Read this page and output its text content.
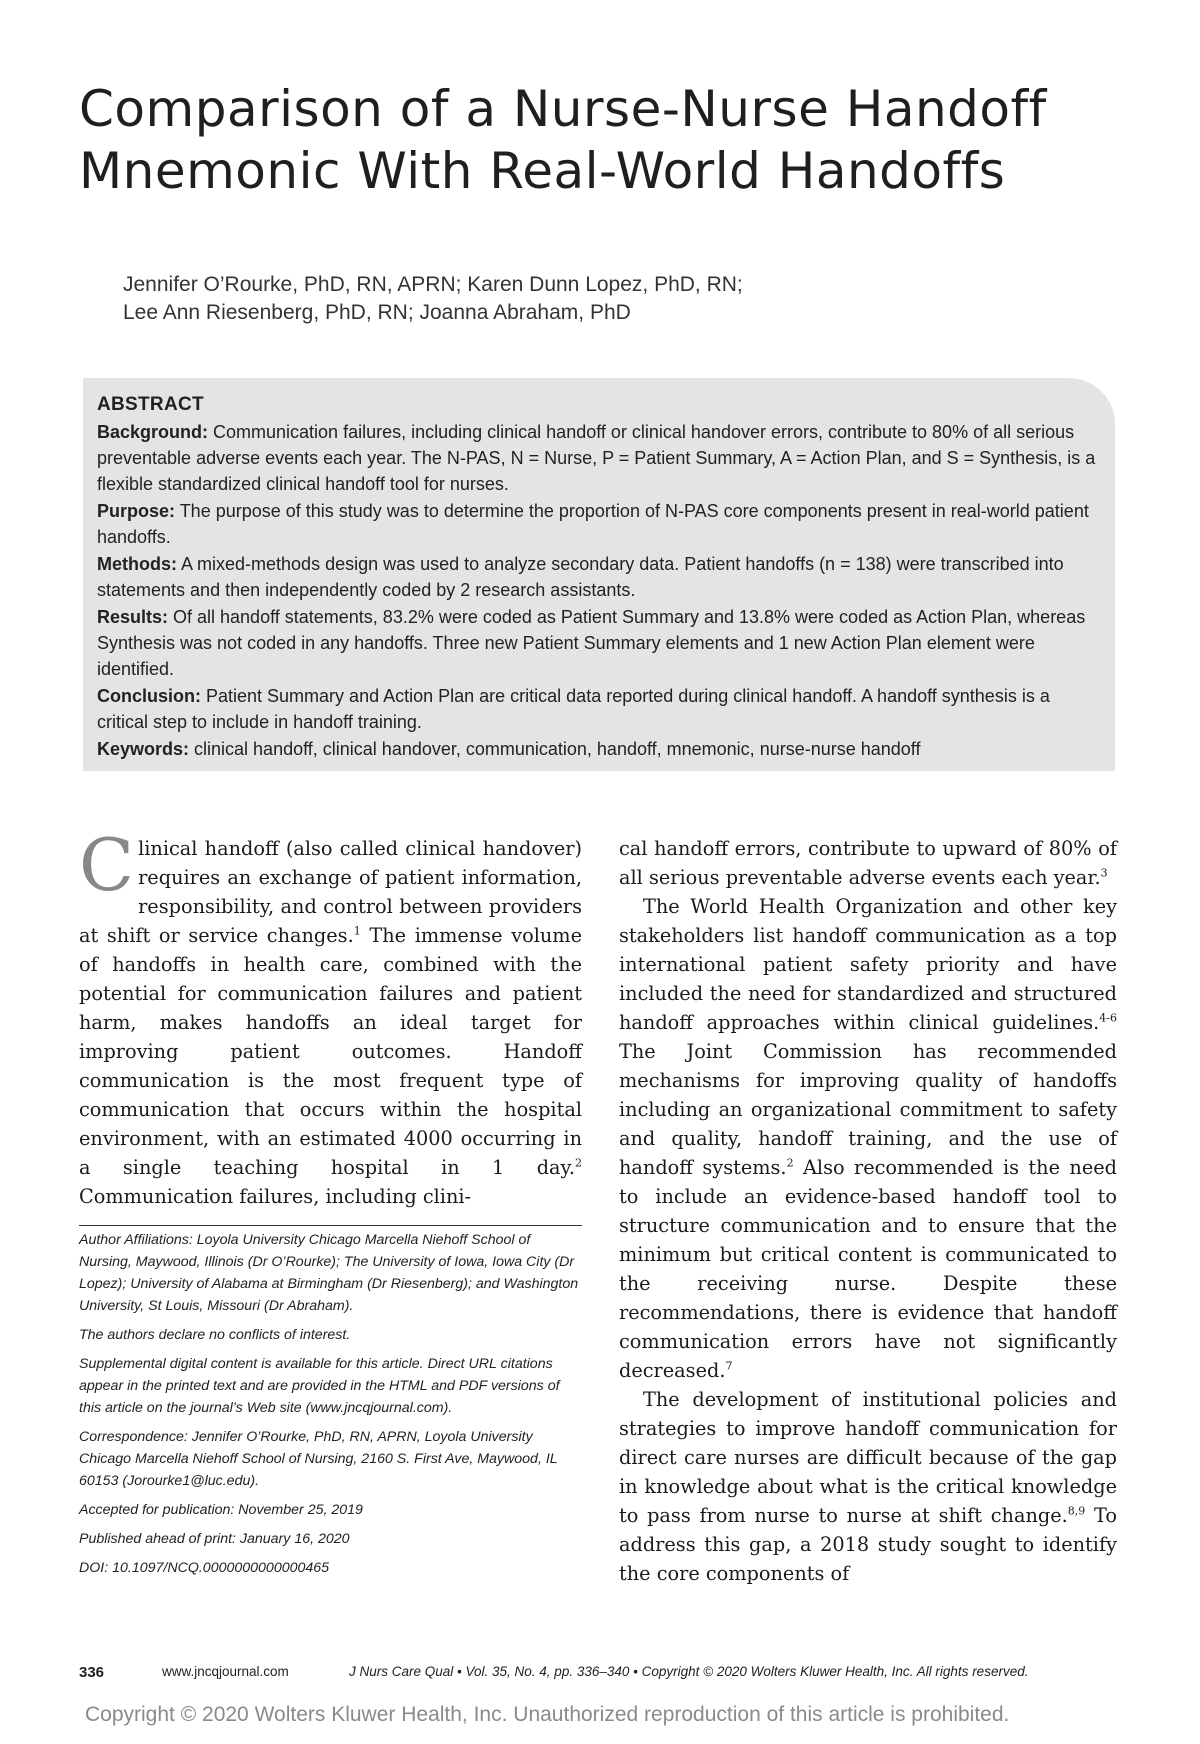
Comparison of a Nurse-Nurse Handoff Mnemonic With Real-World Handoffs
Jennifer O’Rourke, PhD, RN, APRN; Karen Dunn Lopez, PhD, RN;
Lee Ann Riesenberg, PhD, RN; Joanna Abraham, PhD

ABSTRACT

Background: Communication failures, including clinical handoff or clinical handover errors, contribute to 80% of all serious preventable adverse events each year. The N-PAS, N = Nurse, P = Patient Summary, A = Action Plan, and S = Synthesis, is a flexible standardized clinical handoff tool for nurses.

Purpose: The purpose of this study was to determine the proportion of N-PAS core components present in real-world patient handoffs.

Methods: A mixed-methods design was used to analyze secondary data. Patient handoffs (n = 138) were transcribed into statements and then independently coded by 2 research assistants.

Results: Of all handoff statements, 83.2% were coded as Patient Summary and 13.8% were coded as Action Plan, whereas Synthesis was not coded in any handoffs. Three new Patient Summary elements and 1 new Action Plan element were identified.

Conclusion: Patient Summary and Action Plan are critical data reported during clinical handoff. A handoff synthesis is a critical step to include in handoff training.

Keywords: clinical handoff, clinical handover, communication, handoff, mnemonic, nurse-nurse handoff

Clinical handoff (also called clinical handover) requires an exchange of patient information, responsibility, and control between providers at shift or service changes.$^1$ The immense volume of handoffs in health care, combined with the potential for communication failures and patient harm, makes handoffs an ideal target for improving patient outcomes. Handoff communication is the most frequent type of communication that occurs within the hospital environment, with an estimated 4000 occurring in a single teaching hospital in 1 day.$^2$ Communication failures, including clini-

cal handoff errors, contribute to upward of 80% of all serious preventable adverse events each year.$^3$

The World Health Organization and other key stakeholders list handoff communication as a top international patient safety priority and have included the need for standardized and structured handoff approaches within clinical guidelines.$^{4-6}$ The Joint Commission has recommended mechanisms for improving quality of handoffs including an organizational commitment to safety and quality, handoff training, and the use of handoff systems.$^2$ Also recommended is the need to include an evidence-based handoff tool to structure communication and to ensure that the minimum but critical content is communicated to the receiving nurse. Despite these recommendations, there is evidence that handoff communication errors have not significantly decreased.$^7$

The development of institutional policies and strategies to improve handoff communication for direct care nurses are difficult because of the gap in knowledge about what is the critical knowledge to pass from nurse to nurse at shift change.$^{8,9}$ To address this gap, a 2018 study sought to identify the core components of

Author Affiliations: Loyola University Chicago Marcella Niehoff School of Nursing, Maywood, Illinois (Dr O’Rourke); The University of Iowa, Iowa City (Dr Lopez); University of Alabama at Birmingham (Dr Riesenberg); and Washington University, St Louis, Missouri (Dr Abraham).

The authors declare no conflicts of interest.

Supplemental digital content is available for this article. Direct URL citations appear in the printed text and are provided in the HTML and PDF versions of this article on the journal’s Web site (www.jncqjournal.com).

Correspondence: Jennifer O’Rourke, PhD, RN, APRN, Loyola University Chicago Marcella Niehoff School of Nursing, 2160 S. First Ave, Maywood, IL 60153 (Jorourke1@luc.edu).

Accepted for publication: November 25, 2019

Published ahead of print: January 16, 2020

DOI: 10.1097/NCQ.0000000000000465

336	www.jncqjournal.com	J Nurs Care Qual • Vol. 35, No. 4, pp. 336–340 • Copyright © 2020 Wolters Kluwer Health, Inc. All rights reserved.
Copyright © 2020 Wolters Kluwer Health, Inc. Unauthorized reproduction of this article is prohibited.
